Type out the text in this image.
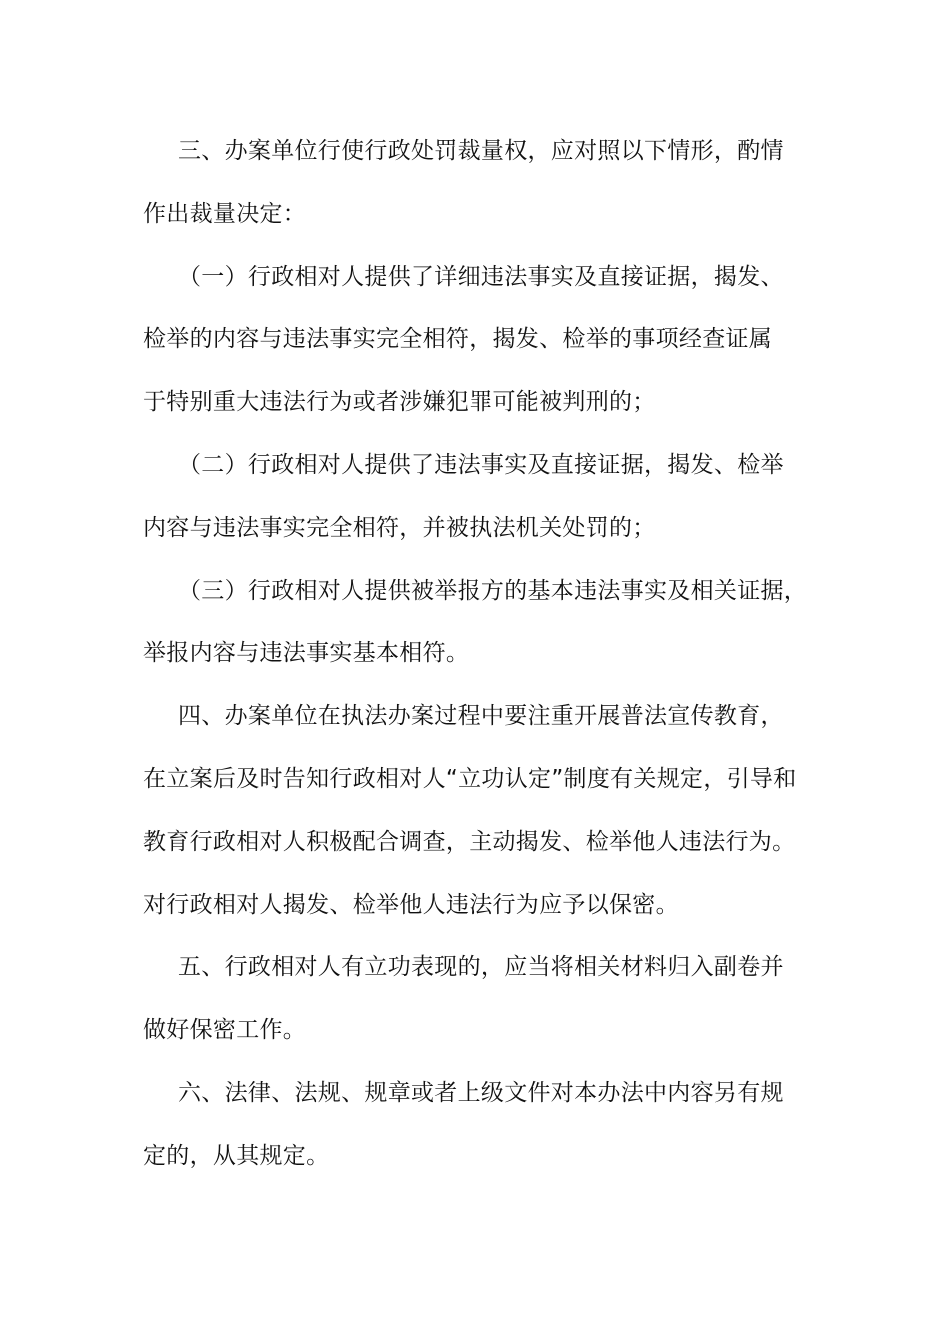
三、办案单位行使行政处罚裁量权，应对照以下情形，酌情
作出裁量决定：
（一）行政相对人提供了详细违法事实及直接证据，揭发、
检举的内容与违法事实完全相符，揭发、检举的事项经查证属
于特别重大违法行为或者涉嫌犯罪可能被判刑的；
（二）行政相对人提供了违法事实及直接证据，揭发、检举
内容与违法事实完全相符，并被执法机关处罚的；
（三）行政相对人提供被举报方的基本违法事实及相关证据，
举报内容与违法事实基本相符。
四、办案单位在执法办案过程中要注重开展普法宣传教育，
在立案后及时告知行政相对人“立功认定”制度有关规定，引导和
教育行政相对人积极配合调查，主动揭发、检举他人违法行为。
对行政相对人揭发、检举他人违法行为应予以保密。
五、行政相对人有立功表现的，应当将相关材料归入副卷并
做好保密工作。
六、法律、法规、规章或者上级文件对本办法中内容另有规
定的，从其规定。
